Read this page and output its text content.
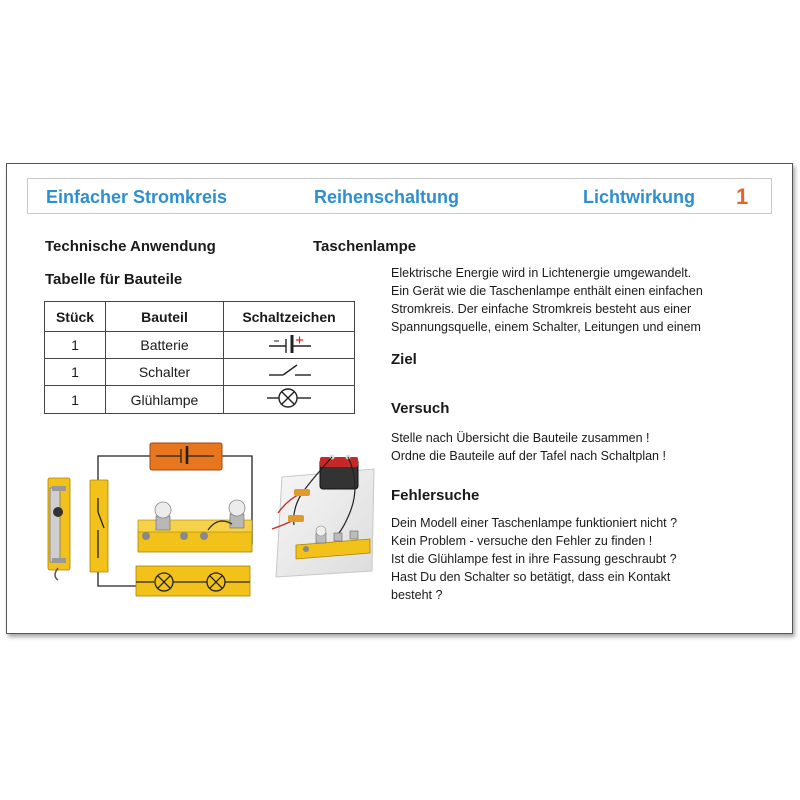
Einfacher Stromkreis	Reihenschaltung	Lichtwirkung 1
Technische Anwendung	Taschenlampe
Tabelle für Bauteile
Stück	Bauteil	Schaltzeichen
1	Batterie	
1	Schalter	
1	Glühlampe	
Elektrische Energie wird in Lichtenergie umgewandelt.
Ein Gerät wie die Taschenlampe enthält einen einfachen
Stromkreis. Der einfache Stromkreis besteht aus einer
Spannungsquelle, einem Schalter, Leitungen und einem
Ziel
Versuch
Stelle nach Übersicht die Bauteile zusammen !
Ordne die Bauteile auf der Tafel nach Schaltplan !
Fehlersuche
Dein Modell einer Taschenlampe funktioniert nicht ?
Kein Problem - versuche den Fehler zu finden !
Ist die Glühlampe fest in ihre Fassung geschraubt ?
Hast Du den Schalter so betätigt, dass ein Kontakt
besteht ?
